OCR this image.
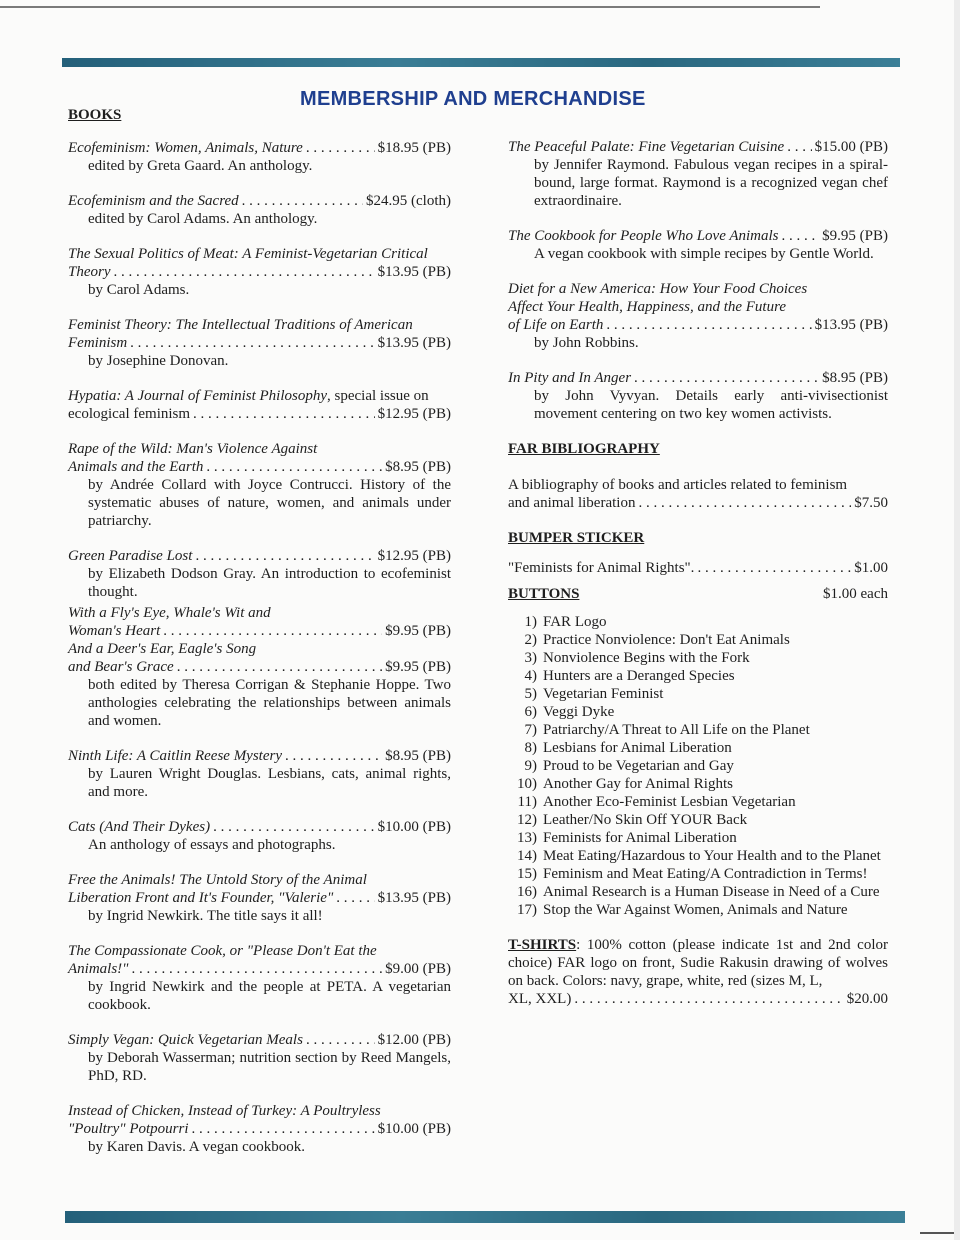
MEMBERSHIP AND MERCHANDISE

BOOKS

Ecofeminism: Women, Animals, Nature . . .	$18.95 (PB)
edited by Greta Gaard. An anthology.
Ecofeminism and the Sacred . . .	$24.95 (cloth)
edited by Carol Adams. An anthology.
The Sexual Politics of Meat: A Feminist-Vegetarian Critical
Theory . . .	$13.95 (PB)
by Carol Adams.
Feminist Theory: The Intellectual Traditions of American
Feminism . . .	$13.95 (PB)
by Josephine Donovan.
Hypatia: A Journal of Feminist Philosophy, special issue on
ecological feminism . . .	$12.95 (PB)
Rape of the Wild: Man's Violence Against
Animals and the Earth . . .	$8.95 (PB)
by Andrée Collard with Joyce Contrucci. History of the systematic abuses of nature, women, and animals under patriarchy.
Green Paradise Lost . . .	$12.95 (PB)
by Elizabeth Dodson Gray. An introduction to ecofeminist thought.
With a Fly's Eye, Whale's Wit and
Woman's Heart . . .	$9.95 (PB)
And a Deer's Ear, Eagle's Song
and Bear's Grace . . .	$9.95 (PB)
both edited by Theresa Corrigan & Stephanie Hoppe. Two anthologies celebrating the relationships between animals and women.
Ninth Life: A Caitlin Reese Mystery . . .	$8.95 (PB)
by Lauren Wright Douglas. Lesbians, cats, animal rights, and more.
Cats (And Their Dykes) . . .	$10.00 (PB)
An anthology of essays and photographs.
Free the Animals! The Untold Story of the Animal
Liberation Front and It's Founder, "Valerie" . . .	$13.95 (PB)
by Ingrid Newkirk. The title says it all!
The Compassionate Cook, or "Please Don't Eat the
Animals!" . . .	$9.00 (PB)
by Ingrid Newkirk and the people at PETA. A vegetarian cookbook.
Simply Vegan: Quick Vegetarian Meals . . .	$12.00 (PB)
by Deborah Wasserman; nutrition section by Reed Mangels, PhD, RD.
Instead of Chicken, Instead of Turkey: A Poultryless
"Poultry" Potpourri . . .	$10.00 (PB)
by Karen Davis. A vegan cookbook.
The Peaceful Palate: Fine Vegetarian Cuisine . . . $15.00 (PB)
by Jennifer Raymond. Fabulous vegan recipes in a spiral-bound, large format. Raymond is a recognized vegan chef extraordinaire.
The Cookbook for People Who Love Animals . . .	$9.95 (PB)
A vegan cookbook with simple recipes by Gentle World.
Diet for a New America: How Your Food Choices
Affect Your Health, Happiness, and the Future
of Life on Earth . . .	$13.95 (PB)
by John Robbins.
In Pity and In Anger . . .	$8.95 (PB)
by John Vyvyan. Details early anti-vivisectionist movement centering on two key women activists.

FAR BIBLIOGRAPHY

A bibliography of books and articles related to feminism
and animal liberation . . .	$7.50

BUMPER STICKER

"Feminists for Animal Rights". . . .	$1.00
BUTTONS	$1.00 each
1) FAR Logo
2) Practice Nonviolence: Don't Eat Animals
3) Nonviolence Begins with the Fork
4) Hunters are a Deranged Species
5) Vegetarian Feminist
6) Veggi Dyke
7) Patriarchy/A Threat to All Life on the Planet
8) Lesbians for Animal Liberation
9) Proud to be Vegetarian and Gay
10) Another Gay for Animal Rights
11) Another Eco-Feminist Lesbian Vegetarian
12) Leather/No Skin Off YOUR Back
13) Feminists for Animal Liberation
14) Meat Eating/Hazardous to Your Health and to the Planet
15) Feminism and Meat Eating/A Contradiction in Terms!
16) Animal Research is a Human Disease in Need of a Cure
17) Stop the War Against Women, Animals and Nature
T-SHIRTS: 100% cotton (please indicate 1st and 2nd color choice) FAR logo on front, Sudie Rakusin drawing of wolves on back. Colors: navy, grape, white, red (sizes M, L,
XL, XXL) . . .	$20.00
